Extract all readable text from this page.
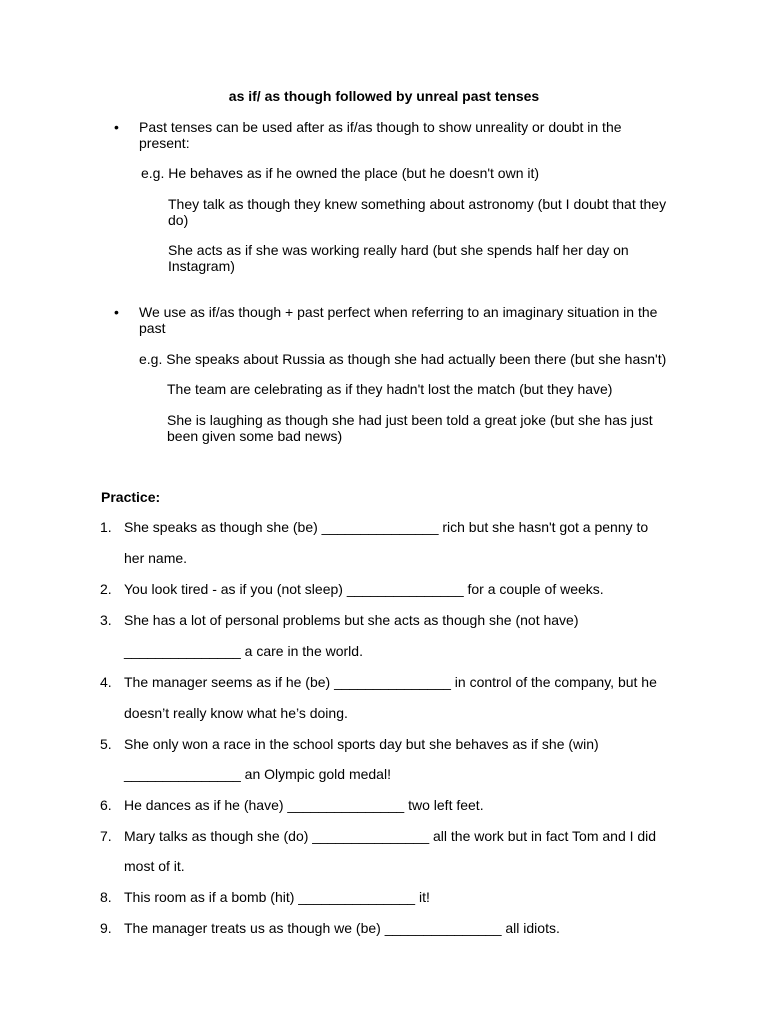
as if/ as though followed by unreal past tenses
• Past tenses can be used after as if/as though to show unreality or doubt in the
present:
e.g. He behaves as if he owned the place (but he doesn't own it)
They talk as though they knew something about astronomy (but I doubt that they
do)
She acts as if she was working really hard (but she spends half her day on
Instagram)
• We use as if/as though + past perfect when referring to an imaginary situation in the
past
e.g. She speaks about Russia as though she had actually been there (but she hasn't)
The team are celebrating as if they hadn't lost the match (but they have)
She is laughing as though she had just been told a great joke (but she has just
been given some bad news)
Practice:
1. She speaks as though she (be) _______________ rich but she hasn't got a penny to
her name.
2. You look tired - as if you (not sleep) _______________ for a couple of weeks.
3. She has a lot of personal problems but she acts as though she (not have)
_______________ a care in the world.
4. The manager seems as if he (be) _______________ in control of the company, but he
doesn’t really know what he’s doing.
5. She only won a race in the school sports day but she behaves as if she (win)
_______________ an Olympic gold medal!
6. He dances as if he (have) _______________ two left feet.
7. Mary talks as though she (do) _______________ all the work but in fact Tom and I did
most of it.
8. This room as if a bomb (hit) _______________ it!
9. The manager treats us as though we (be) _______________ all idiots.
